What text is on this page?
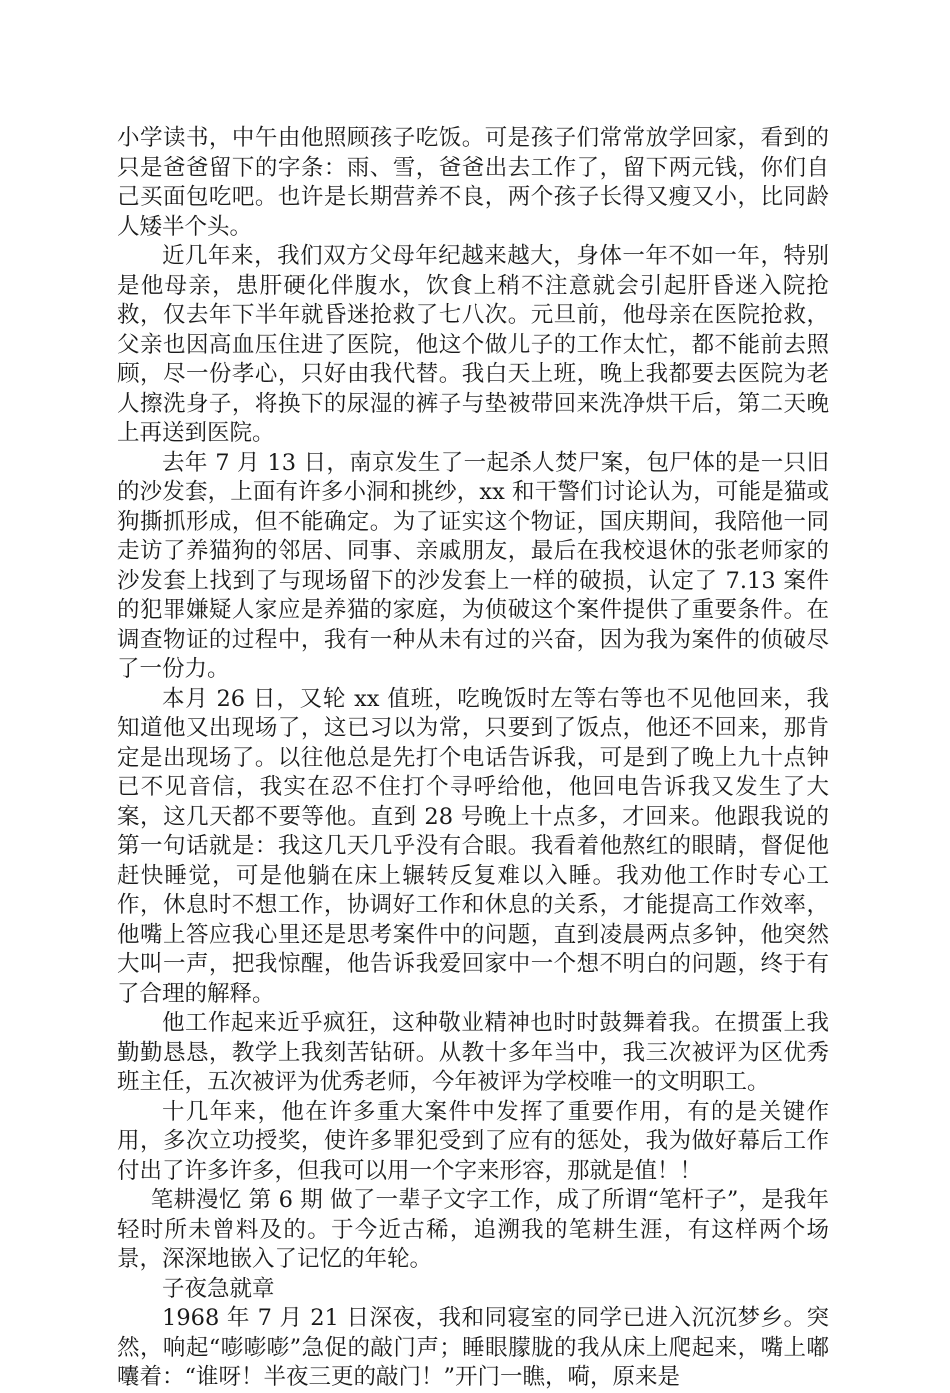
小学读书，中午由他照顾孩子吃饭。可是孩子们常常放学回家，看到的只是爸爸留下的字条：雨、雪，爸爸出去工作了，留下两元钱，你们自己买面包吃吧。也许是长期营养不良，两个孩子长得又瘦又小，比同龄人矮半个头。

近几年来，我们双方父母年纪越来越大，身体一年不如一年，特别是他母亲，患肝硬化伴腹水，饮食上稍不注意就会引起肝昏迷入院抢救，仅去年下半年就昏迷抢救了七八次。元旦前，他母亲在医院抢救，父亲也因高血压住进了医院，他这个做儿子的工作太忙，都不能前去照顾，尽一份孝心，只好由我代替。我白天上班，晚上我都要去医院为老人擦洗身子，将换下的尿湿的裤子与垫被带回来洗净烘干后，第二天晚上再送到医院。

去年 7 月 13 日，南京发生了一起杀人焚尸案，包尸体的是一只旧的沙发套，上面有许多小洞和挑纱，xx 和干警们讨论认为，可能是猫或狗撕抓形成，但不能确定。为了证实这个物证，国庆期间，我陪他一同走访了养猫狗的邻居、同事、亲戚朋友，最后在我校退休的张老师家的沙发套上找到了与现场留下的沙发套上一样的破损，认定了 7.13 案件的犯罪嫌疑人家应是养猫的家庭，为侦破这个案件提供了重要条件。在调查物证的过程中，我有一种从未有过的兴奋，因为我为案件的侦破尽了一份力。

本月 26 日，又轮 xx 值班，吃晚饭时左等右等也不见他回来，我知道他又出现场了，这已习以为常，只要到了饭点，他还不回来，那肯定是出现场了。以往他总是先打个电话告诉我，可是到了晚上九十点钟已不见音信，我实在忍不住打个寻呼给他，他回电告诉我又发生了大案，这几天都不要等他。直到 28 号晚上十点多，才回来。他跟我说的第一句话就是：我这几天几乎没有合眼。我看着他熬红的眼睛，督促他赶快睡觉，可是他躺在床上辗转反复难以入睡。我劝他工作时专心工作，休息时不想工作，协调好工作和休息的关系，才能提高工作效率，他嘴上答应我心里还是思考案件中的问题，直到凌晨两点多钟，他突然大叫一声，把我惊醒，他告诉我爱回家中一个想不明白的问题，终于有了合理的解释。

他工作起来近乎疯狂，这种敬业精神也时时鼓舞着我。在掼蛋上我勤勤恳恳，教学上我刻苦钻研。从教十多年当中，我三次被评为区优秀班主任，五次被评为优秀老师，今年被评为学校唯一的文明职工。

十几年来，他在许多重大案件中发挥了重要作用，有的是关键作用，多次立功授奖，使许多罪犯受到了应有的惩处，我为做好幕后工作付出了许多许多，但我可以用一个字来形容，那就是值！！

笔耕漫忆 第 6 期 做了一辈子文字工作，成了所谓“笔杆子”，是我年轻时所未曾料及的。于今近古稀，追溯我的笔耕生涯，有这样两个场景，深深地嵌入了记忆的年轮。

子夜急就章

1968 年 7 月 21 日深夜，我和同寝室的同学已进入沉沉梦乡。突然，响起“嘭嘭嘭”急促的敲门声；睡眼朦胧的我从床上爬起来，嘴上嘟囔着：“谁呀！半夜三更的敲门！”开门一瞧，嗬，原来是
